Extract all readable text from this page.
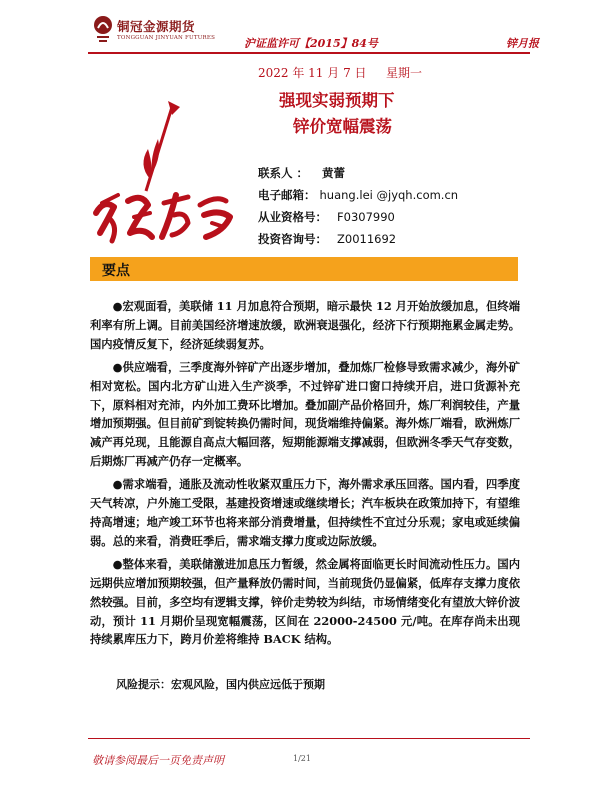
铜冠金源期货
TONGGUAN JINYUAN FUTURES	沪证监许可【2015】84号	锌月报
2022 年 11 月 7 日 星期一
强现实弱预期下
锌价宽幅震荡
联系人 ： 黄蕾
电子邮箱： huang.lei @jyqh.com.cn
从业资格号： F0307990
投资咨询号： Z0011692
要点

●宏观面看，美联储 11 月加息符合预期，暗示最快 12 月开始放缓加息，但终端利率有所上调。目前美国经济增速放缓，欧洲衰退强化，经济下行预期拖累金属走势。国内疫情反复下，经济延续弱复苏。

●供应端看，三季度海外锌矿产出逐步增加，叠加炼厂检修导致需求减少，海外矿相对宽松。国内北方矿山进入生产淡季，不过锌矿进口窗口持续开启，进口货源补充下，原料相对充沛，内外加工费环比增加。叠加副产品价格回升，炼厂利润较佳，产量增加预期强。但目前矿到锭转换仍需时间，现货端维持偏紧。海外炼厂端看，欧洲炼厂减产再兑现，且能源自高点大幅回落，短期能源端支撑减弱，但欧洲冬季天气存变数，后期炼厂再减产仍存一定概率。

●需求端看，通胀及流动性收紧双重压力下，海外需求承压回落。国内看，四季度天气转凉，户外施工受限，基建投资增速或继续增长；汽车板块在政策加持下，有望维持高增速；地产竣工环节也将来部分消费增量，但持续性不宜过分乐观；家电或延续偏弱。总的来看，消费旺季后，需求端支撑力度或边际放缓。

●整体来看，美联储激进加息压力暂缓，然金属将面临更长时间流动性压力。国内远期供应增加预期较强，但产量释放仍需时间，当前现货仍显偏紧，低库存支撑力度依然较强。目前，多空均有逻辑支撑，锌价走势较为纠结，市场情绪变化有望放大锌价波动，预计 11 月期价呈现宽幅震荡，区间在 22000-24500 元/吨。在库存尚未出现持续累库压力下，跨月价差将维持 BACK 结构。

风险提示：宏观风险，国内供应远低于预期
敬请参阅最后一页免责声明	1/21
